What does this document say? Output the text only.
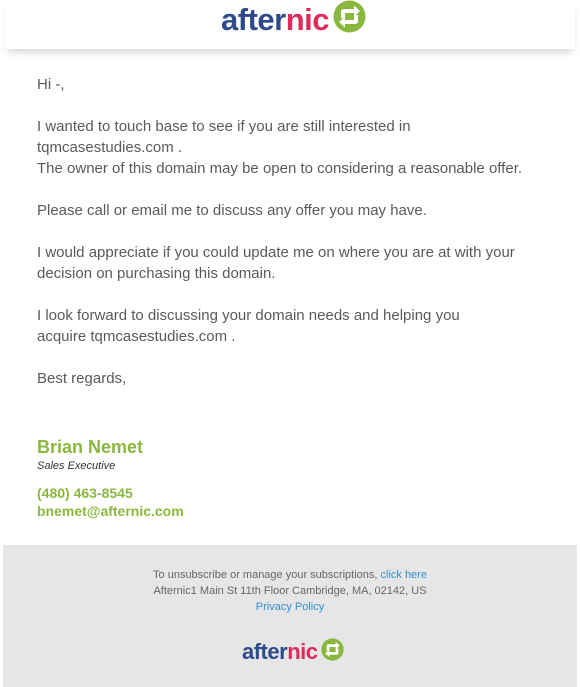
afternic

Hi -,

I wanted to touch base to see if you are still interested in tqmcasestudies.com .

The owner of this domain may be open to considering a reasonable offer.

Please call or email me to discuss any offer you may have.

I would appreciate if you could update me on where you are at with your decision on purchasing this domain.

I look forward to discussing your domain needs and helping you acquire tqmcasestudies.com .

Best regards,

Brian Nemet
Sales Executive
(480) 463-8545
bnemet@afternic.com
To unsubscribe or manage your subscriptions, click here
Afternic1 Main St 11th Floor Cambridge, MA, 02142, US
Privacy Policy
afternic
